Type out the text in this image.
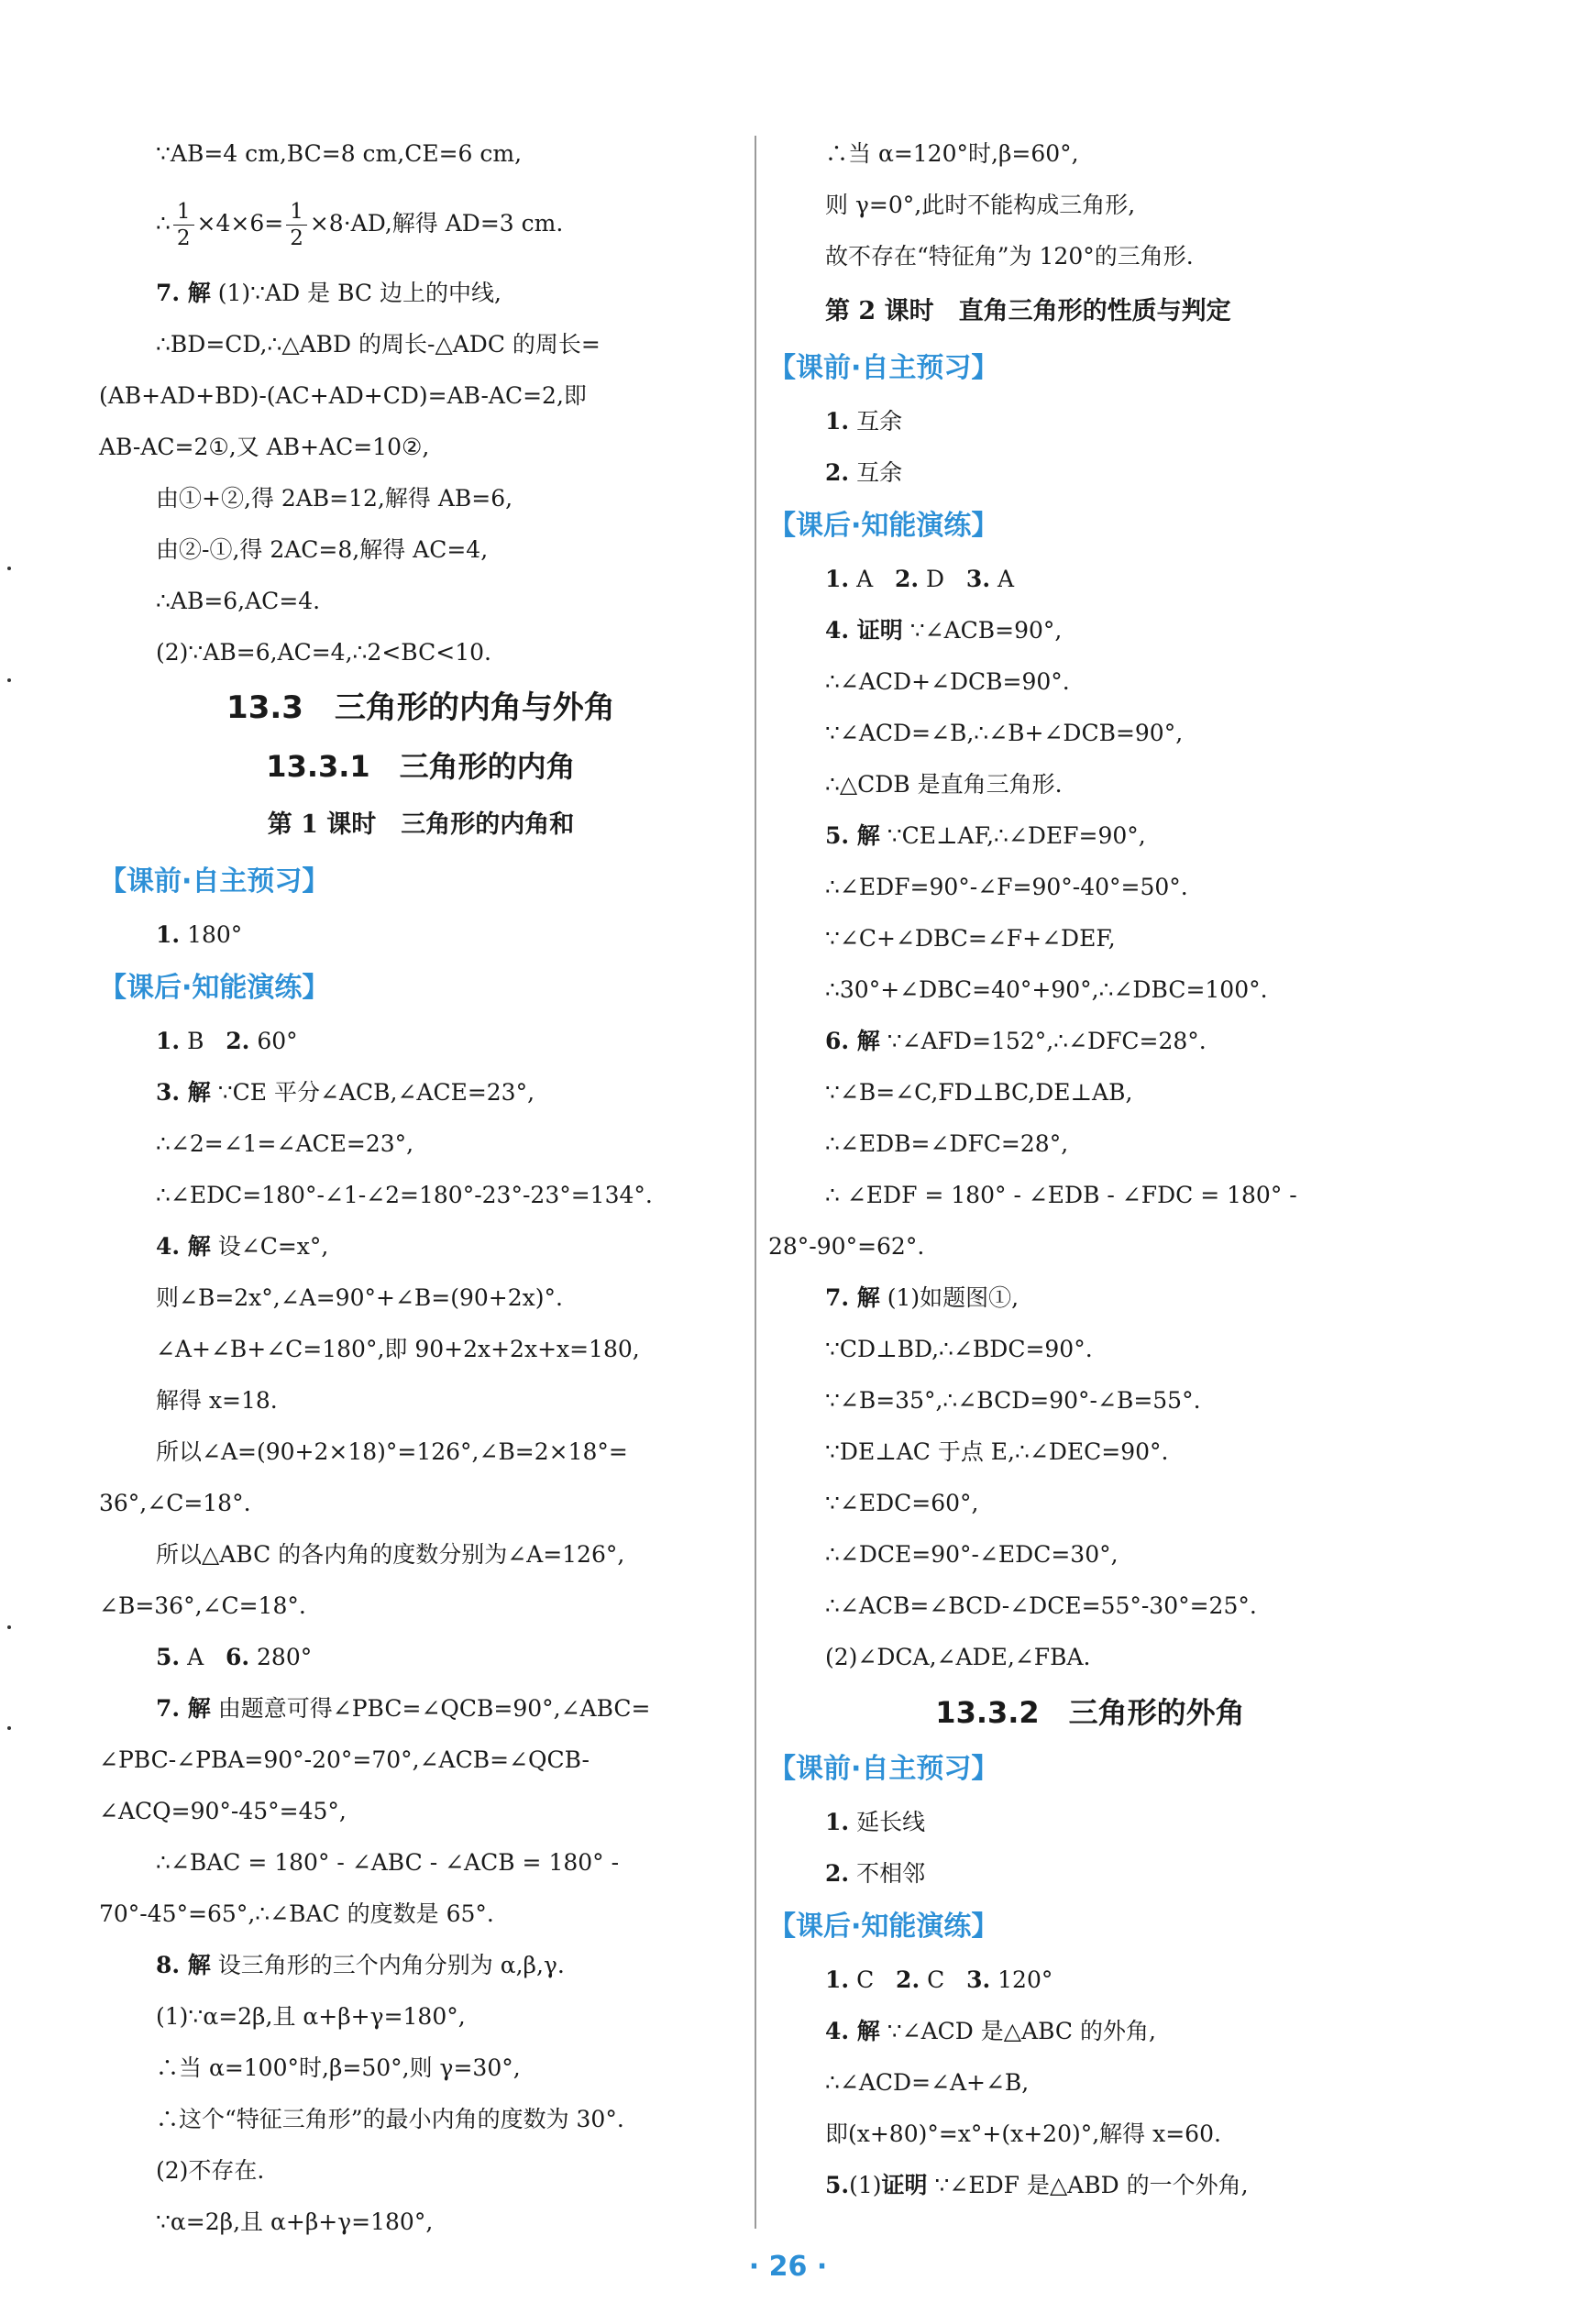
∵AB=4 cm,BC=8 cm,CE=6 cm,
∴ $\frac{1}{2} \times 4\times 6= \frac{1}{2} \times 8\cdot AD$,解得 AD=3 cm.
7. 解 (1)∵AD 是 BC 边上的中线,
∴BD=CD,∴△ABD 的周长-△ADC 的周长=
(AB+AD+BD)-(AC+AD+CD)=AB-AC=2,即
AB-AC=2①,又 AB+AC=10②,
由①+②,得 2AB=12,解得 AB=6,
由②-①,得 2AC=8,解得 AC=4,
∴AB=6,AC=4.
(2)∵AB=6,AC=4,∴2<BC<10.
13.3　三角形的内角与外角
13.3.1　三角形的内角
第 1 课时　三角形的内角和
【课前·自主预习】
1. 180°
【课后·知能演练】
1. B 2. 60°
3. 解 ∵CE 平分∠ACB,∠ACE=23°,
∴∠2=∠1=∠ACE=23°,
∴∠EDC=180°-∠1-∠2=180°-23°-23°=134°.
4. 解 设∠C=x°,
则∠B=2x°,∠A=90°+∠B=(90+2x)°.
∠A+∠B+∠C=180°,即 90+2x+2x+x=180,
解得 x=18.
所以∠A=(90+2×18)°=126°,∠B=2×18°=
36°,∠C=18°.
所以△ABC 的各内角的度数分别为∠A=126°,
∠B=36°,∠C=18°.
5. A 6. 280°
7. 解 由题意可得∠PBC=∠QCB=90°,∠ABC=
∠PBC-∠PBA=90°-20°=70°,∠ACB=∠QCB-
∠ACQ=90°-45°=45°,
∴∠BAC = 180° - ∠ABC - ∠ACB = 180° -
70°-45°=65°,∴∠BAC 的度数是 65°.
8. 解 设三角形的三个内角分别为 α,β,γ.
(1)∵α=2β,且 α+β+γ=180°,
∴当 α=100°时,β=50°,则 γ=30°,
∴这个“特征三角形”的最小内角的度数为 30°.
(2)不存在.
∵α=2β,且 α+β+γ=180°,
∴当 α=120°时,β=60°,
则 γ=0°,此时不能构成三角形,
故不存在“特征角”为 120°的三角形.
第 2 课时　直角三角形的性质与判定
【课前·自主预习】
1. 互余
2. 互余
【课后·知能演练】
1. A 2. D 3. A
4. 证明 ∵∠ACB=90°,
∴∠ACD+∠DCB=90°.
∵∠ACD=∠B,∴∠B+∠DCB=90°,
∴△CDB 是直角三角形.
5. 解 ∵CE⊥AF,∴∠DEF=90°,
∴∠EDF=90°-∠F=90°-40°=50°.
∵∠C+∠DBC=∠F+∠DEF,
∴30°+∠DBC=40°+90°,∴∠DBC=100°.
6. 解 ∵∠AFD=152°,∴∠DFC=28°.
∵∠B=∠C,FD⊥BC,DE⊥AB,
∴∠EDB=∠DFC=28°,
∴ ∠EDF = 180° - ∠EDB - ∠FDC = 180° -
28°-90°=62°.
7. 解 (1)如题图①,
∵CD⊥BD,∴∠BDC=90°.
∵∠B=35°,∴∠BCD=90°-∠B=55°.
∵DE⊥AC 于点 E,∴∠DEC=90°.
∵∠EDC=60°,
∴∠DCE=90°-∠EDC=30°,
∴∠ACB=∠BCD-∠DCE=55°-30°=25°.
(2)∠DCA,∠ADE,∠FBA.
13.3.2　三角形的外角
【课前·自主预习】
1. 延长线
2. 不相邻
【课后·知能演练】
1. C 2. C 3. 120°
4. 解 ∵∠ACD 是△ABC 的外角,
∴∠ACD=∠A+∠B,
即(x+80)°=x°+(x+20)°,解得 x=60.
5.(1)证明 ∵∠EDF 是△ABD 的一个外角,
· 26 ·
